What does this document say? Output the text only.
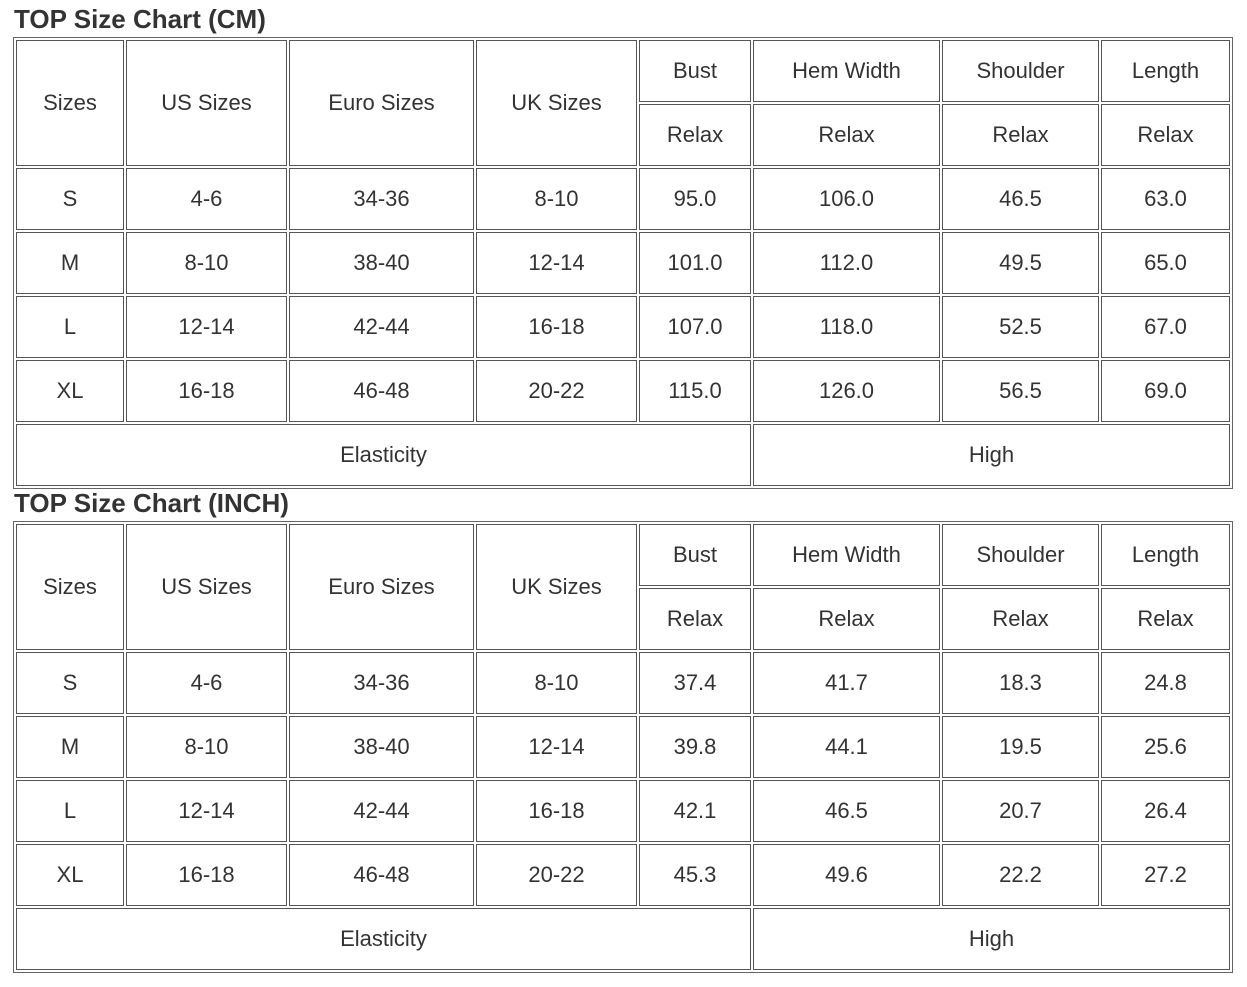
TOP Size Chart (CM)
Sizes	US Sizes	Euro Sizes	UK Sizes	Bust	Hem Width	Shoulder	Length
				Relax	Relax	Relax	Relax
S	4-6	34-36	8-10	95.0	106.0	46.5	63.0
M	8-10	38-40	12-14	101.0	112.0	49.5	65.0
L	12-14	42-44	16-18	107.0	118.0	52.5	67.0
XL	16-18	46-48	20-22	115.0	126.0	56.5	69.0
Elasticity					High		
TOP Size Chart (INCH)
Sizes	US Sizes	Euro Sizes	UK Sizes	Bust	Hem Width	Shoulder	Length
				Relax	Relax	Relax	Relax
S	4-6	34-36	8-10	37.4	41.7	18.3	24.8
M	8-10	38-40	12-14	39.8	44.1	19.5	25.6
L	12-14	42-44	16-18	42.1	46.5	20.7	26.4
XL	16-18	46-48	20-22	45.3	49.6	22.2	27.2
Elasticity					High		
